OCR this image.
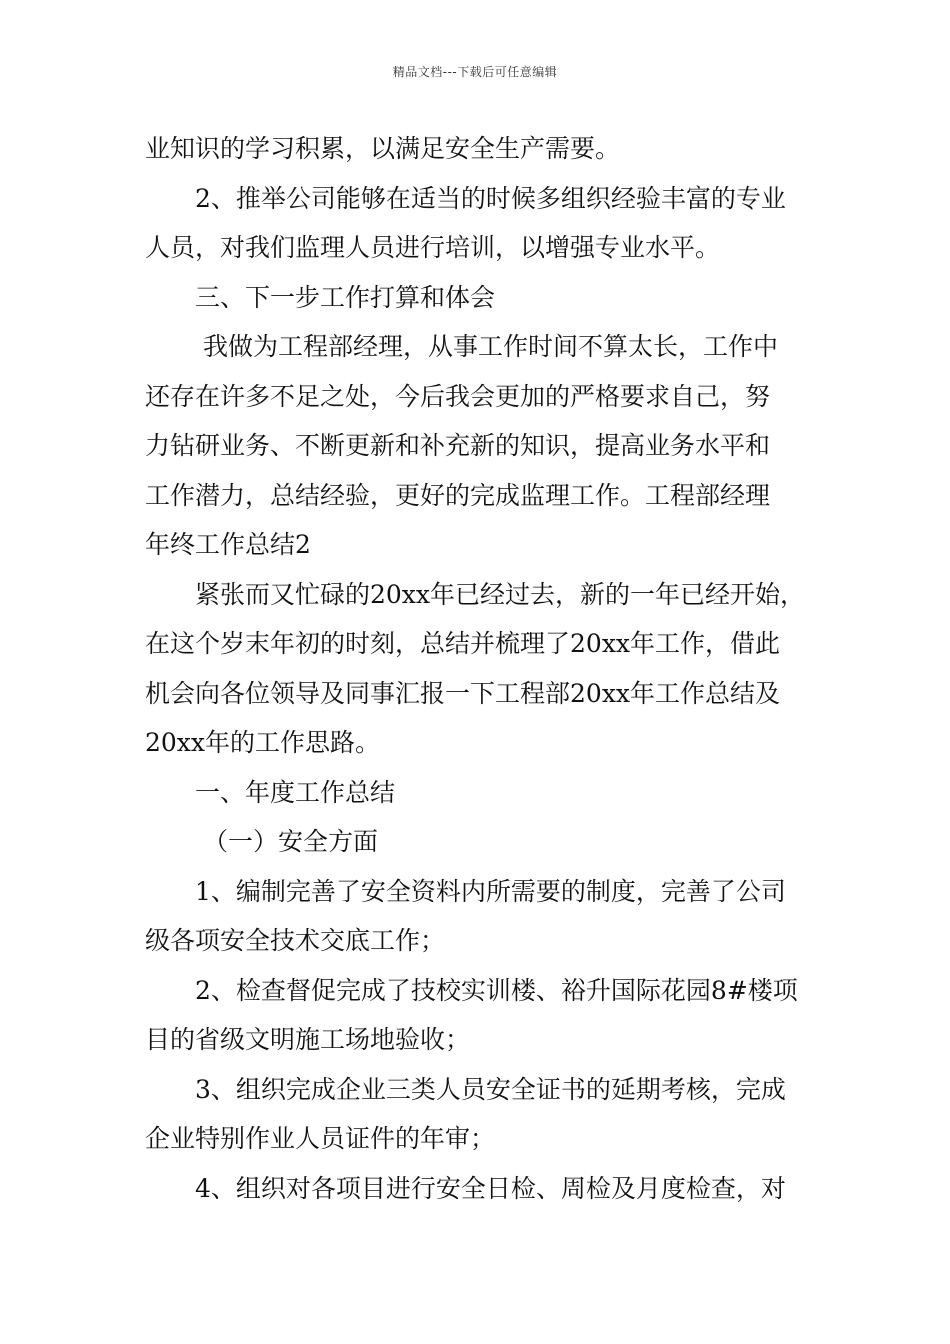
精品文档---下载后可任意编辑
业知识的学习积累，以满足安全生产需要。
2、推举公司能够在适当的时候多组织经验丰富的专业
人员，对我们监理人员进行培训，以增强专业水平。
三、下一步工作打算和体会
我做为工程部经理，从事工作时间不算太长，工作中
还存在许多不足之处，今后我会更加的严格要求自己，努
力钻研业务、不断更新和补充新的知识，提高业务水平和
工作潜力，总结经验，更好的完成监理工作。工程部经理
年终工作总结2
紧张而又忙碌的20xx年已经过去，新的一年已经开始，
在这个岁末年初的时刻，总结并梳理了20xx年工作，借此
机会向各位领导及同事汇报一下工程部20xx年工作总结及
20xx年的工作思路。
一、年度工作总结
（一）安全方面
1、编制完善了安全资料内所需要的制度，完善了公司
级各项安全技术交底工作；
2、检查督促完成了技校实训楼、裕升国际花园8#楼项
目的省级文明施工场地验收；
3、组织完成企业三类人员安全证书的延期考核，完成
企业特别作业人员证件的年审；
4、组织对各项目进行安全日检、周检及月度检查，对
